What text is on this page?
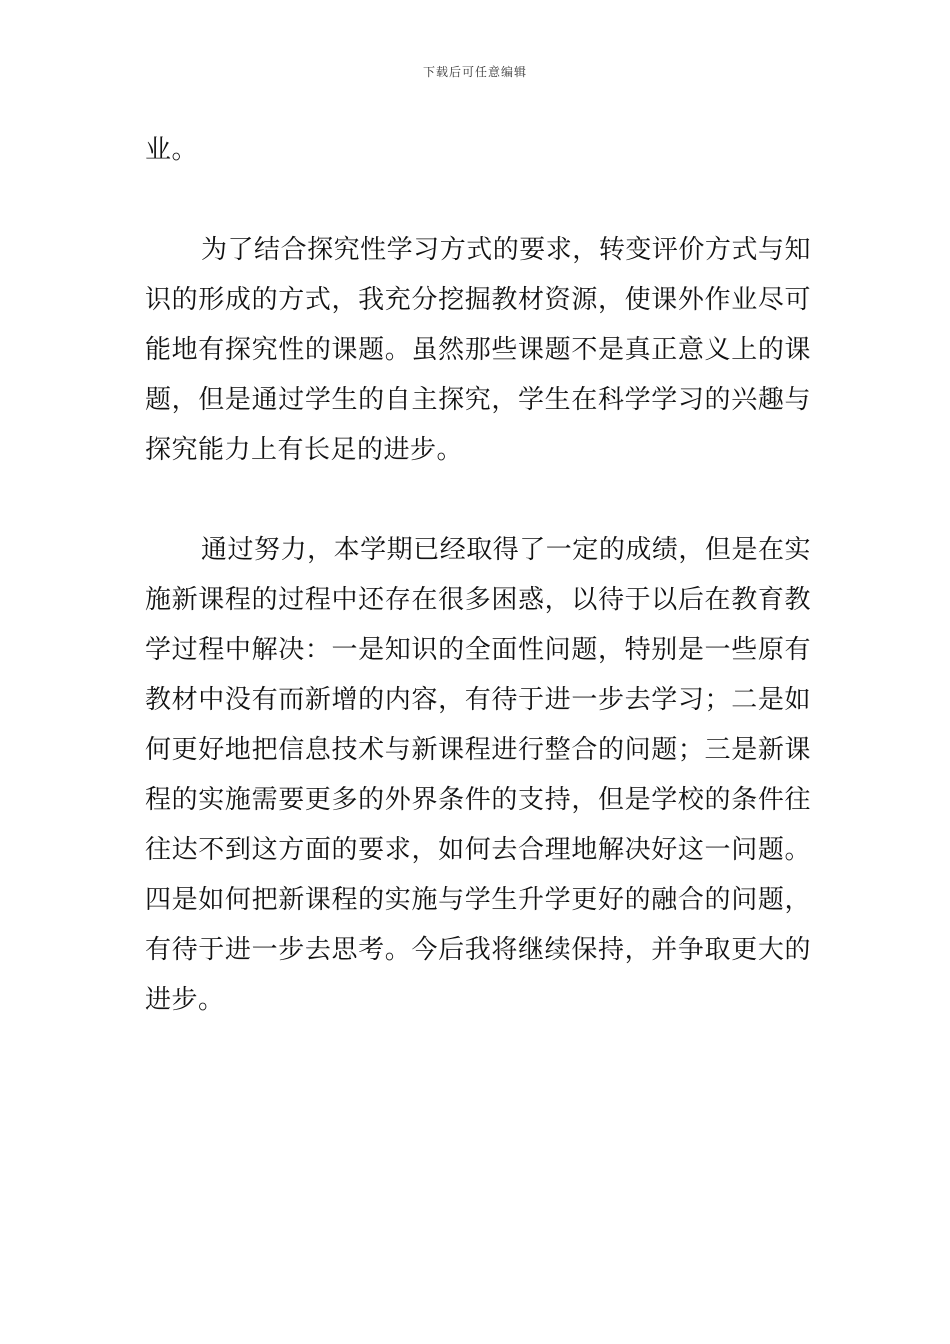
下载后可任意编辑

业。

为了结合探究性学习方式的要求，转变评价方式与知识的形成的方式，我充分挖掘教材资源，使课外作业尽可能地有探究性的课题。虽然那些课题不是真正意义上的课题，但是通过学生的自主探究，学生在科学学习的兴趣与探究能力上有长足的进步。

通过努力，本学期已经取得了一定的成绩，但是在实施新课程的过程中还存在很多困惑，以待于以后在教育教学过程中解决：一是知识的全面性问题，特别是一些原有教材中没有而新增的内容，有待于进一步去学习；二是如何更好地把信息技术与新课程进行整合的问题；三是新课程的实施需要更多的外界条件的支持，但是学校的条件往往达不到这方面的要求，如何去合理地解决好这一问题。四是如何把新课程的实施与学生升学更好的融合的问题，有待于进一步去思考。今后我将继续保持，并争取更大的进步。
